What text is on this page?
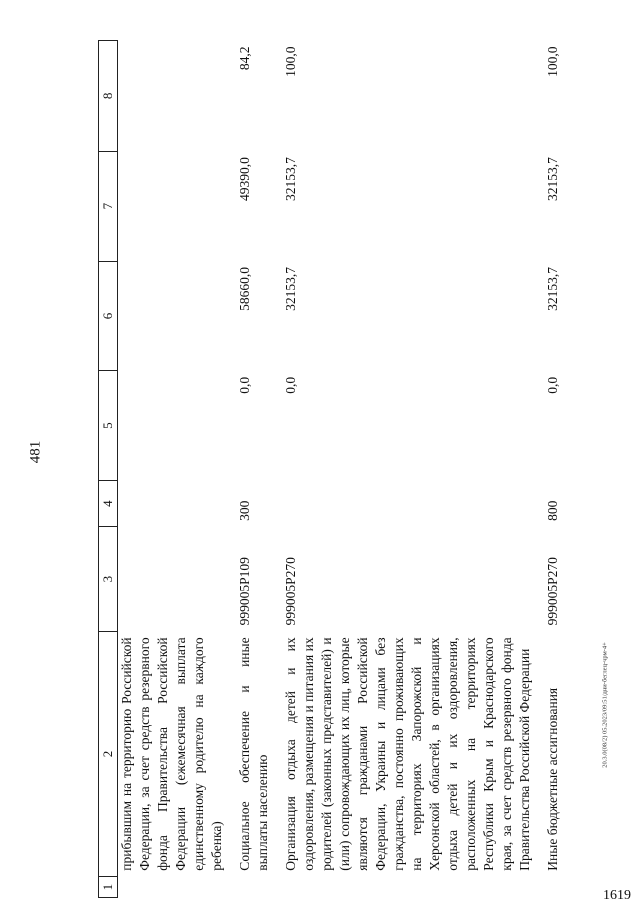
481
1619
20.3.0(08/2) 05.2023/09:51/дни-беглец-чрм-4+
1	2	3	4	5	6	7	8
	прибывшим на территорию Российской Федерации, за счет средств резервного фонда Правительства Российской Федерации (ежемесячная выплата единственному родителю на каждого ребенка)						

	Социальное обеспечение и иные выплаты населению	999005Р109	300	0,0	58660,0	49390,0	84,2

	Организация отдыха детей и их оздоровления, размещения и питания их родителей (законных представителей) и (или) сопровождающих их лиц, которые являются гражданами Российской Федерации, Украины и лицами без гражданства, постоянно проживающих на территориях Запорожской и Херсонской областей, в организациях отдыха детей и их оздоровления, расположенных на территориях Республики Крым и Краснодарского края, за счет средств резервного фонда Правительства Российской Федерации	999005Р270		0,0	32153,7	32153,7	100,0

	Иные бюджетные ассигнования	999005Р270	800	0,0	32153,7	32153,7	100,0
